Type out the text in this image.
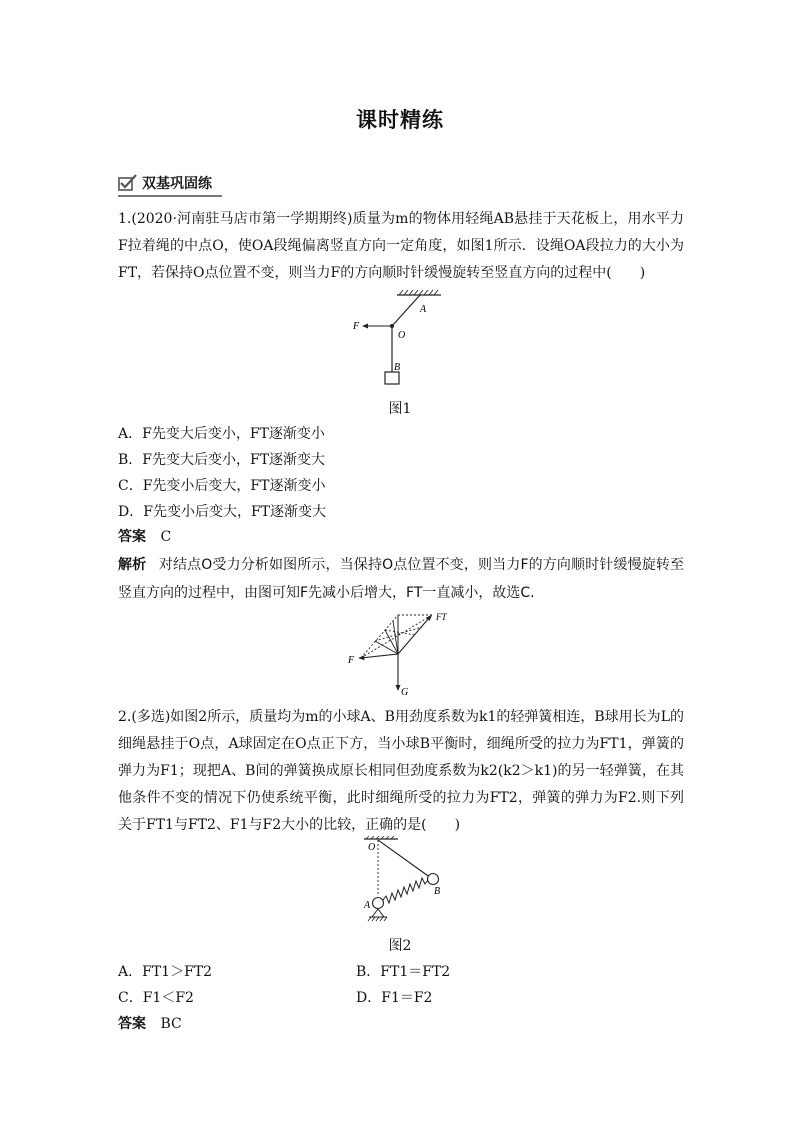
课时精练
双基巩固练
1.(2020·河南驻马店市第一学期期终)质量为m的物体用轻绳AB悬挂于天花板上，用水平力F拉着绳的中点O，使OA段绳偏离竖直方向一定角度，如图1所示．设绳OA段拉力的大小为FT，若保持O点位置不变，则当力F的方向顺时针缓慢旋转至竖直方向的过程中(　　)
A
O
B
F
图1
A．F先变大后变小，FT逐渐变小
B．F先变大后变小，FT逐渐变大
C．F先变小后变大，FT逐渐变小
D．F先变小后变大，FT逐渐变大
答案 C
解析 对结点O受力分析如图所示，当保持O点位置不变，则当力F的方向顺时针缓慢旋转至竖直方向的过程中，由图可知F先减小后增大，FT一直减小，故选C.
FT
F
G
2.(多选)如图2所示，质量均为m的小球A、B用劲度系数为k1的轻弹簧相连，B球用长为L的细绳悬挂于O点，A球固定在O点正下方，当小球B平衡时，细绳所受的拉力为FT1，弹簧的弹力为F1；现把A、B间的弹簧换成原长相同但劲度系数为k2(k2＞k1)的另一轻弹簧，在其他条件不变的情况下仍使系统平衡，此时细绳所受的拉力为FT2，弹簧的弹力为F2.则下列关于FT1与FT2、F1与F2大小的比较，正确的是(　　)
O
A
B
图2
A．FT1＞FT2	B．FT1＝FT2
C．F1＜F2	D．F1＝F2
答案 BC
